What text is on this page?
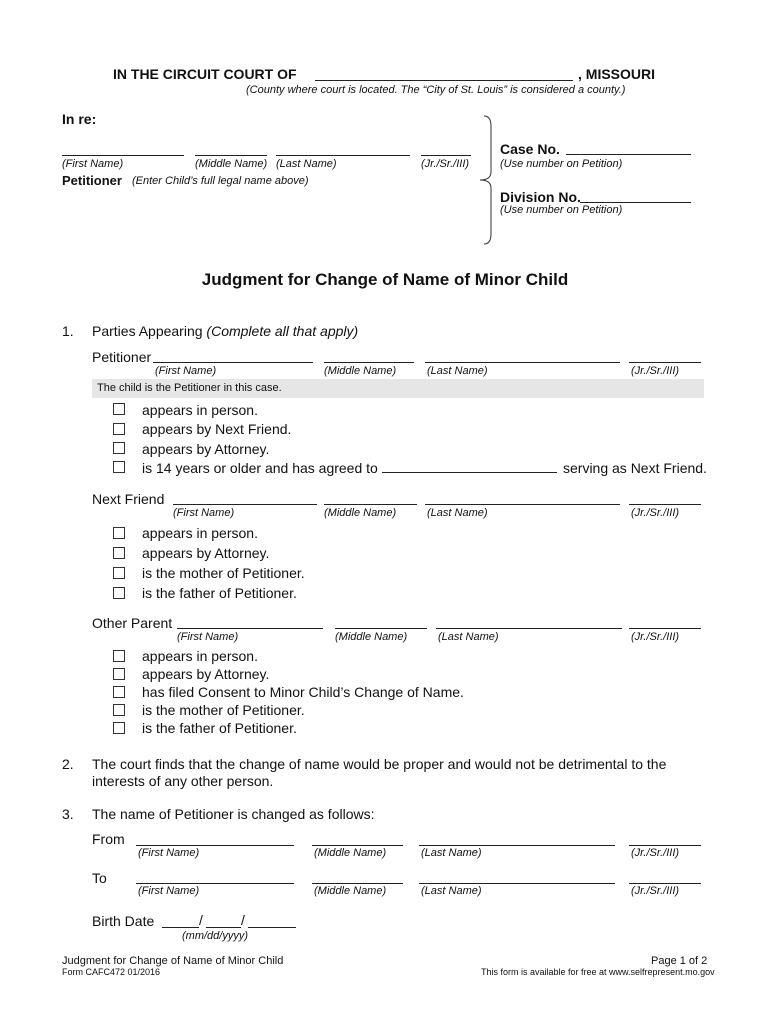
IN THE CIRCUIT COURT OF	, MISSOURI
(County where court is located. The “City of St. Louis” is considered a county.)
In re:
(First Name)	(Middle Name) (Last Name)	(Jr./Sr./III)
Petitioner (Enter Child’s full legal name above)
Case No.
(Use number on Petition)
Division No.
(Use number on Petition)
Judgment for Change of Name of Minor Child
1. Parties Appearing (Complete all that apply)
Petitioner
(First Name)	(Middle Name)	(Last Name)	(Jr./Sr./III)
The child is the Petitioner in this case.
appears in person.
appears by Next Friend.
appears by Attorney.
is 14 years or older and has agreed to	serving as Next Friend.
Next Friend
(First Name)	(Middle Name)	(Last Name)	(Jr./Sr./III)
appears in person.
appears by Attorney.
is the mother of Petitioner.
is the father of Petitioner.
Other Parent
(First Name)	(Middle Name)	(Last Name)	(Jr./Sr./III)
appears in person.
appears by Attorney.
has filed Consent to Minor Child’s Change of Name.
is the mother of Petitioner.
is the father of Petitioner.
2. The court finds that the change of name would be proper and would not be detrimental to the
interests of any other person.
3. The name of Petitioner is changed as follows:
From
(First Name)	(Middle Name)	(Last Name)	(Jr./Sr./III)
To
(First Name)	(Middle Name)	(Last Name)	(Jr./Sr./III)
Birth Date	/	/
(mm/dd/yyyy)
Judgment for Change of Name of Minor Child
Form CAFC472 01/2016
Page 1 of 2
This form is available for free at www.selfrepresent.mo.gov
